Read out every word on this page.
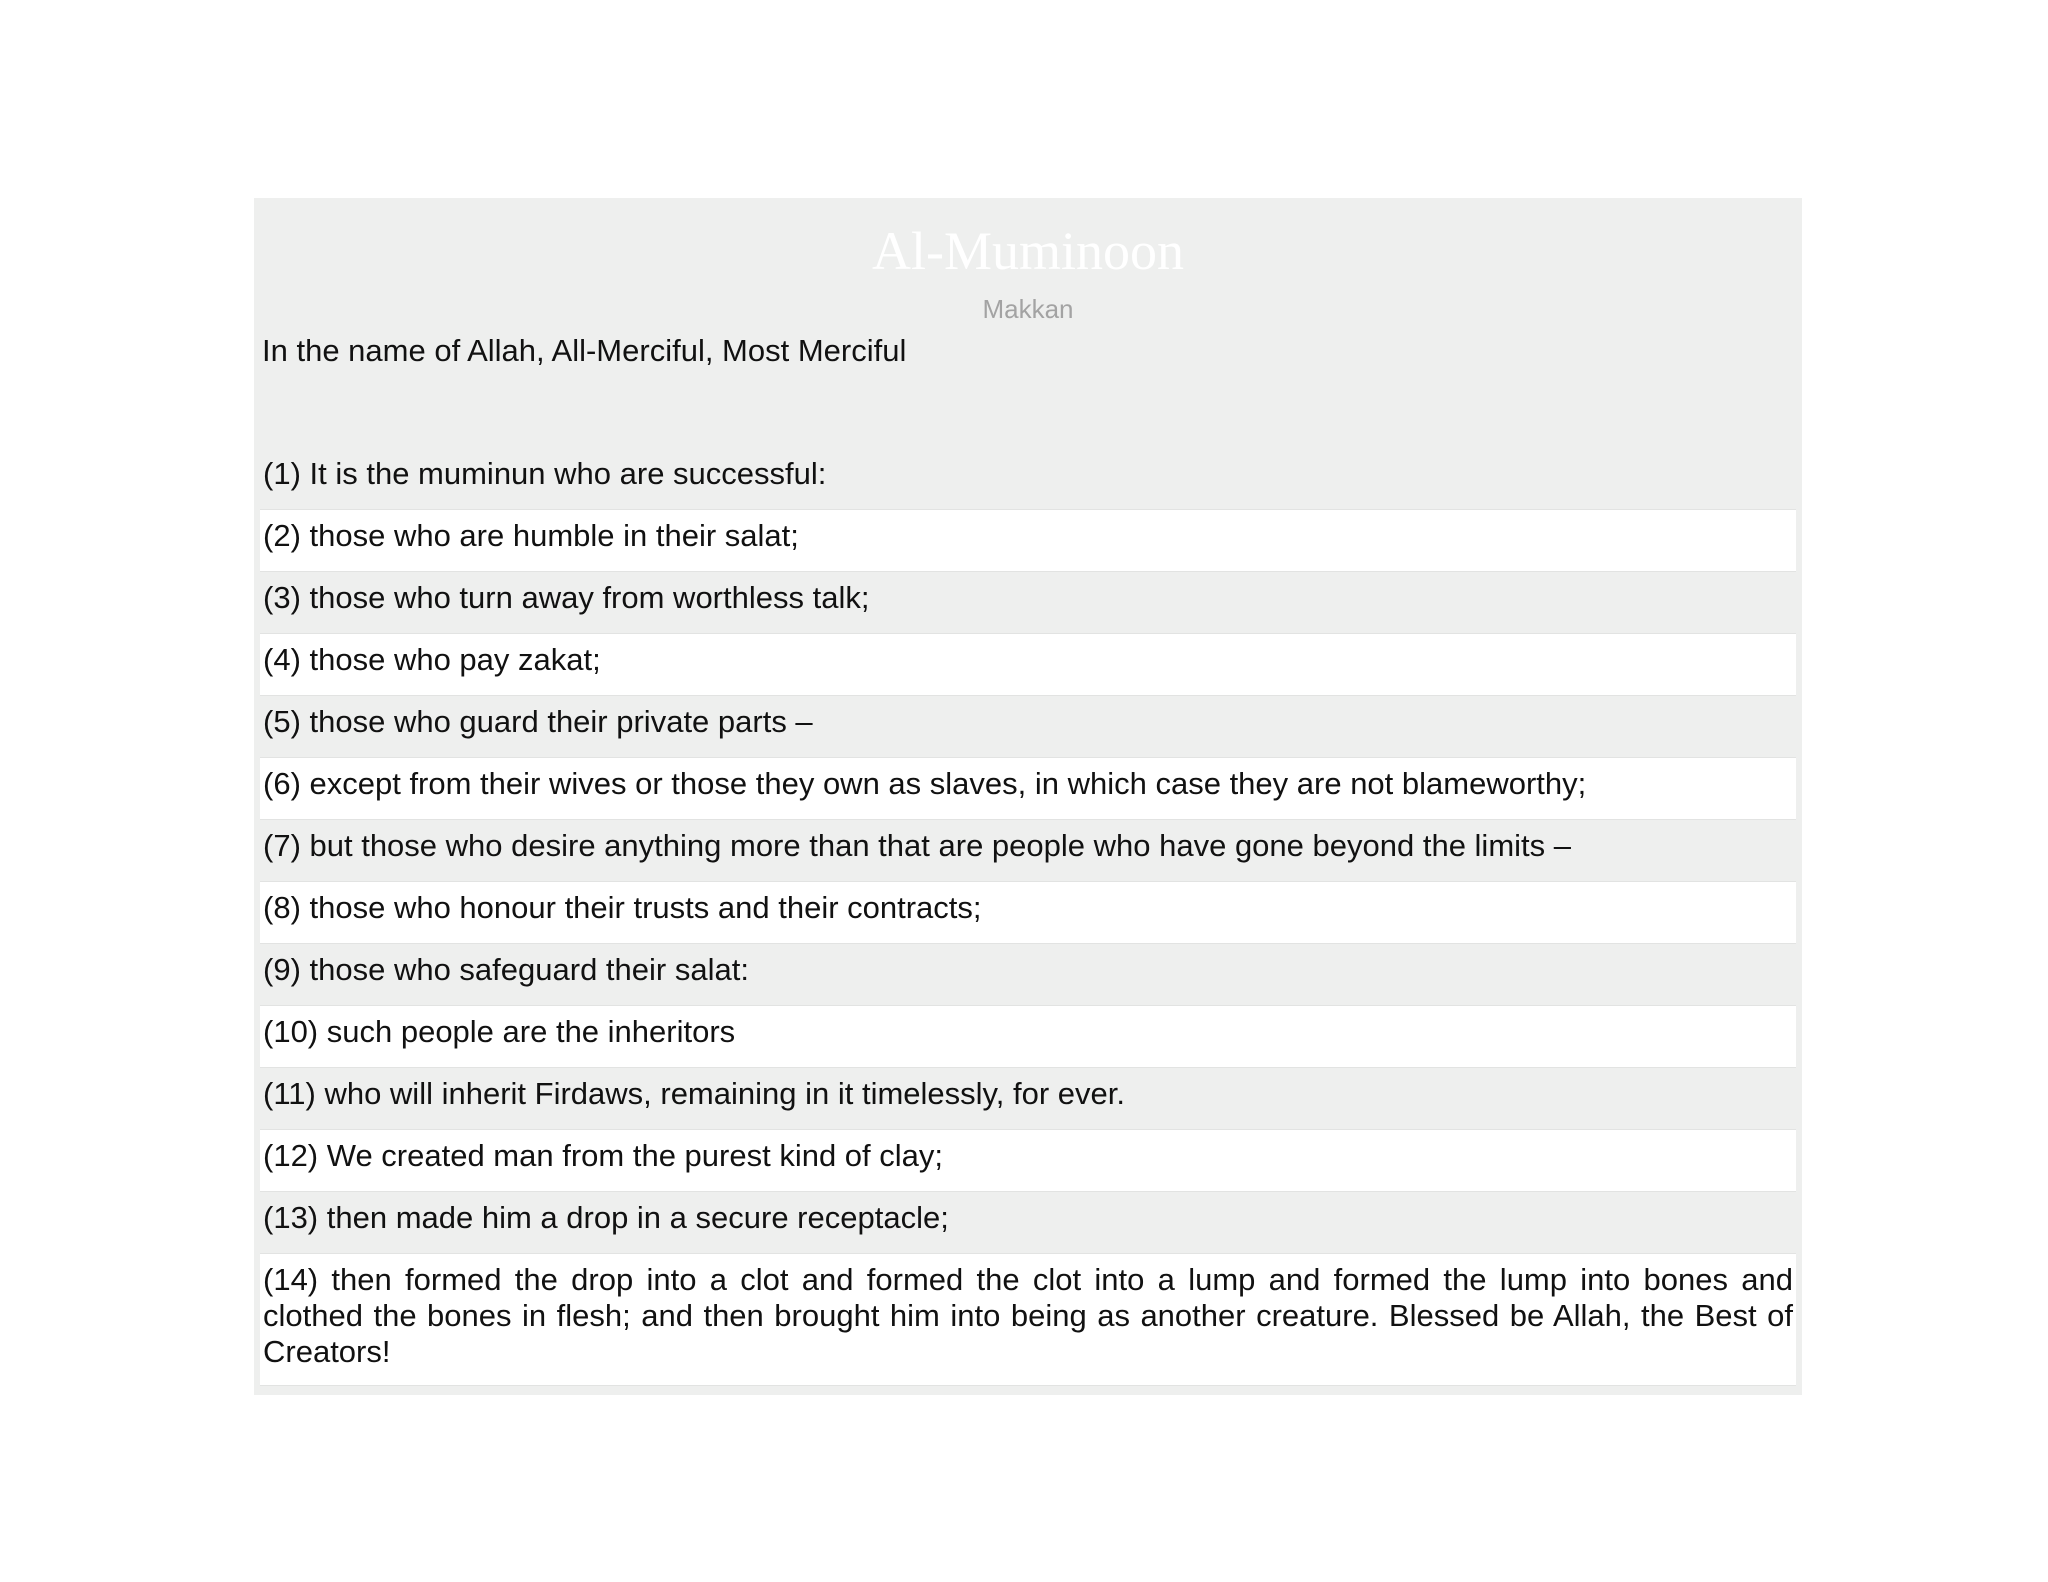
Al-Muminoon
Makkan
In the name of Allah, All-Merciful, Most Merciful
(1) It is the muminun who are successful:
(2) those who are humble in their salat;
(3) those who turn away from worthless talk;
(4) those who pay zakat;
(5) those who guard their private parts –
(6) except from their wives or those they own as slaves, in which case they are not blameworthy;
(7) but those who desire anything more than that are people who have gone beyond the limits –
(8) those who honour their trusts and their contracts;
(9) those who safeguard their salat:
(10) such people are the inheritors
(11) who will inherit Firdaws, remaining in it timelessly, for ever.
(12) We created man from the purest kind of clay;
(13) then made him a drop in a secure receptacle;
(14) then formed the drop into a clot and formed the clot into a lump and formed the lump into bones and clothed the bones in flesh; and then brought him into being as another creature. Blessed be Allah, the Best of Creators!
